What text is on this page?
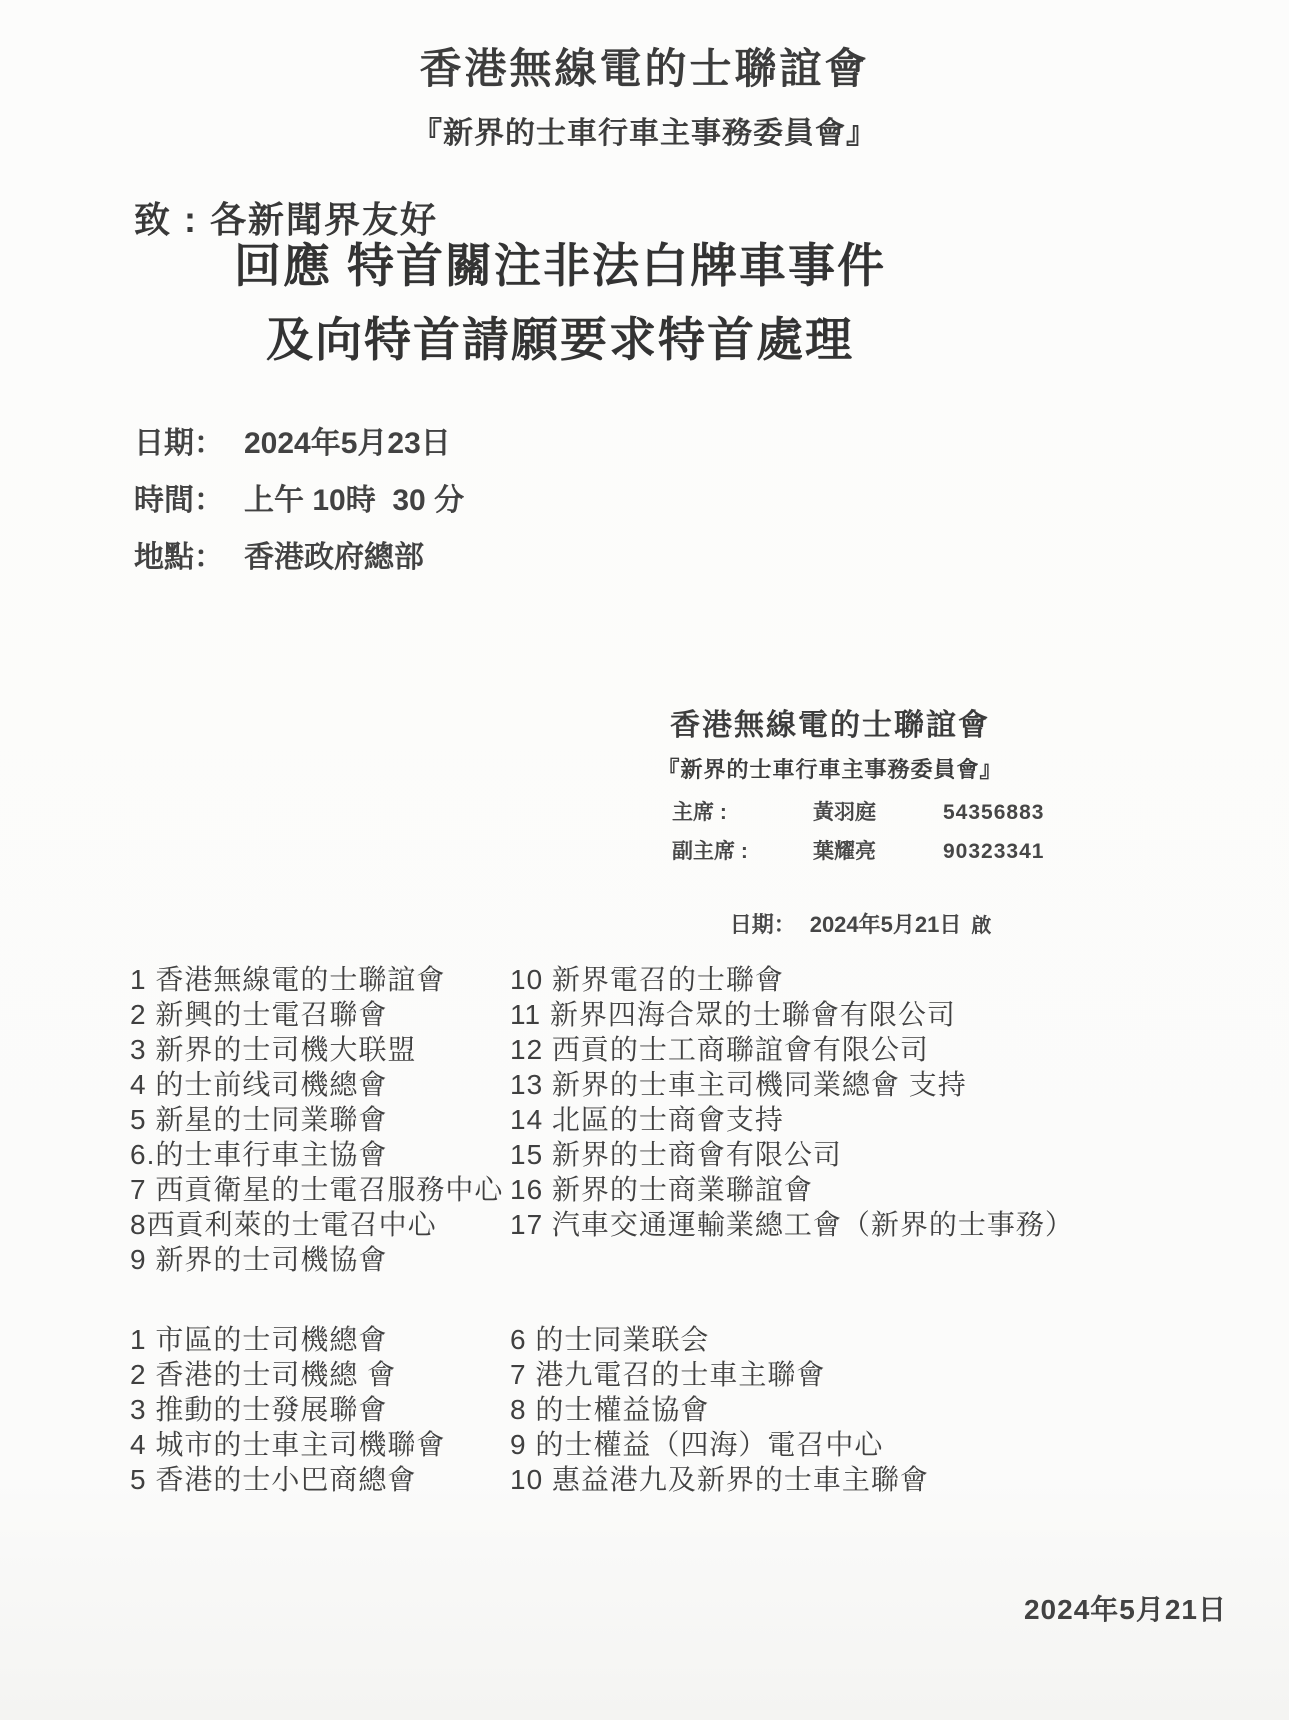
香港無線電的士聯誼會
『新界的士車行車主事務委員會』
致 : 各新聞界友好
回應 特首關注非法白牌車事件
及向特首請願要求特首處理
日期： 2024年5月23日
時間： 上午 10時  30 分
地點： 香港政府總部
香港無線電的士聯誼會
『新界的士車行車主事務委員會』
主席 :	黃羽庭	54356883
副主席 :	葉耀亮	90323341

日期： 2024年5月21日 啟

1 香港無線電的士聯誼會
2 新興的士電召聯會
3 新界的士司機大联盟
4 的士前线司機總會
5 新星的士同業聯會
6.的士車行車主協會
7 西貢衛星的士電召服務中心
8西貢利萊的士電召中心
9 新界的士司機協會
10 新界電召的士聯會
11 新界四海合眾的士聯會有限公司
12 西貢的士工商聯誼會有限公司
13 新界的士車主司機同業總會 支持
14 北區的士商會支持
15 新界的士商會有限公司
16 新界的士商業聯誼會
17 汽車交通運輸業總工會（新界的士事務）
1 市區的士司機總會
2 香港的士司機總 會
3 推動的士發展聯會
4 城市的士車主司機聯會
5 香港的士小巴商總會
6 的士同業联会
7 港九電召的士車主聯會
8 的士權益協會
9 的士權益（四海）電召中心
10 惠益港九及新界的士車主聯會
2024年5月21日
